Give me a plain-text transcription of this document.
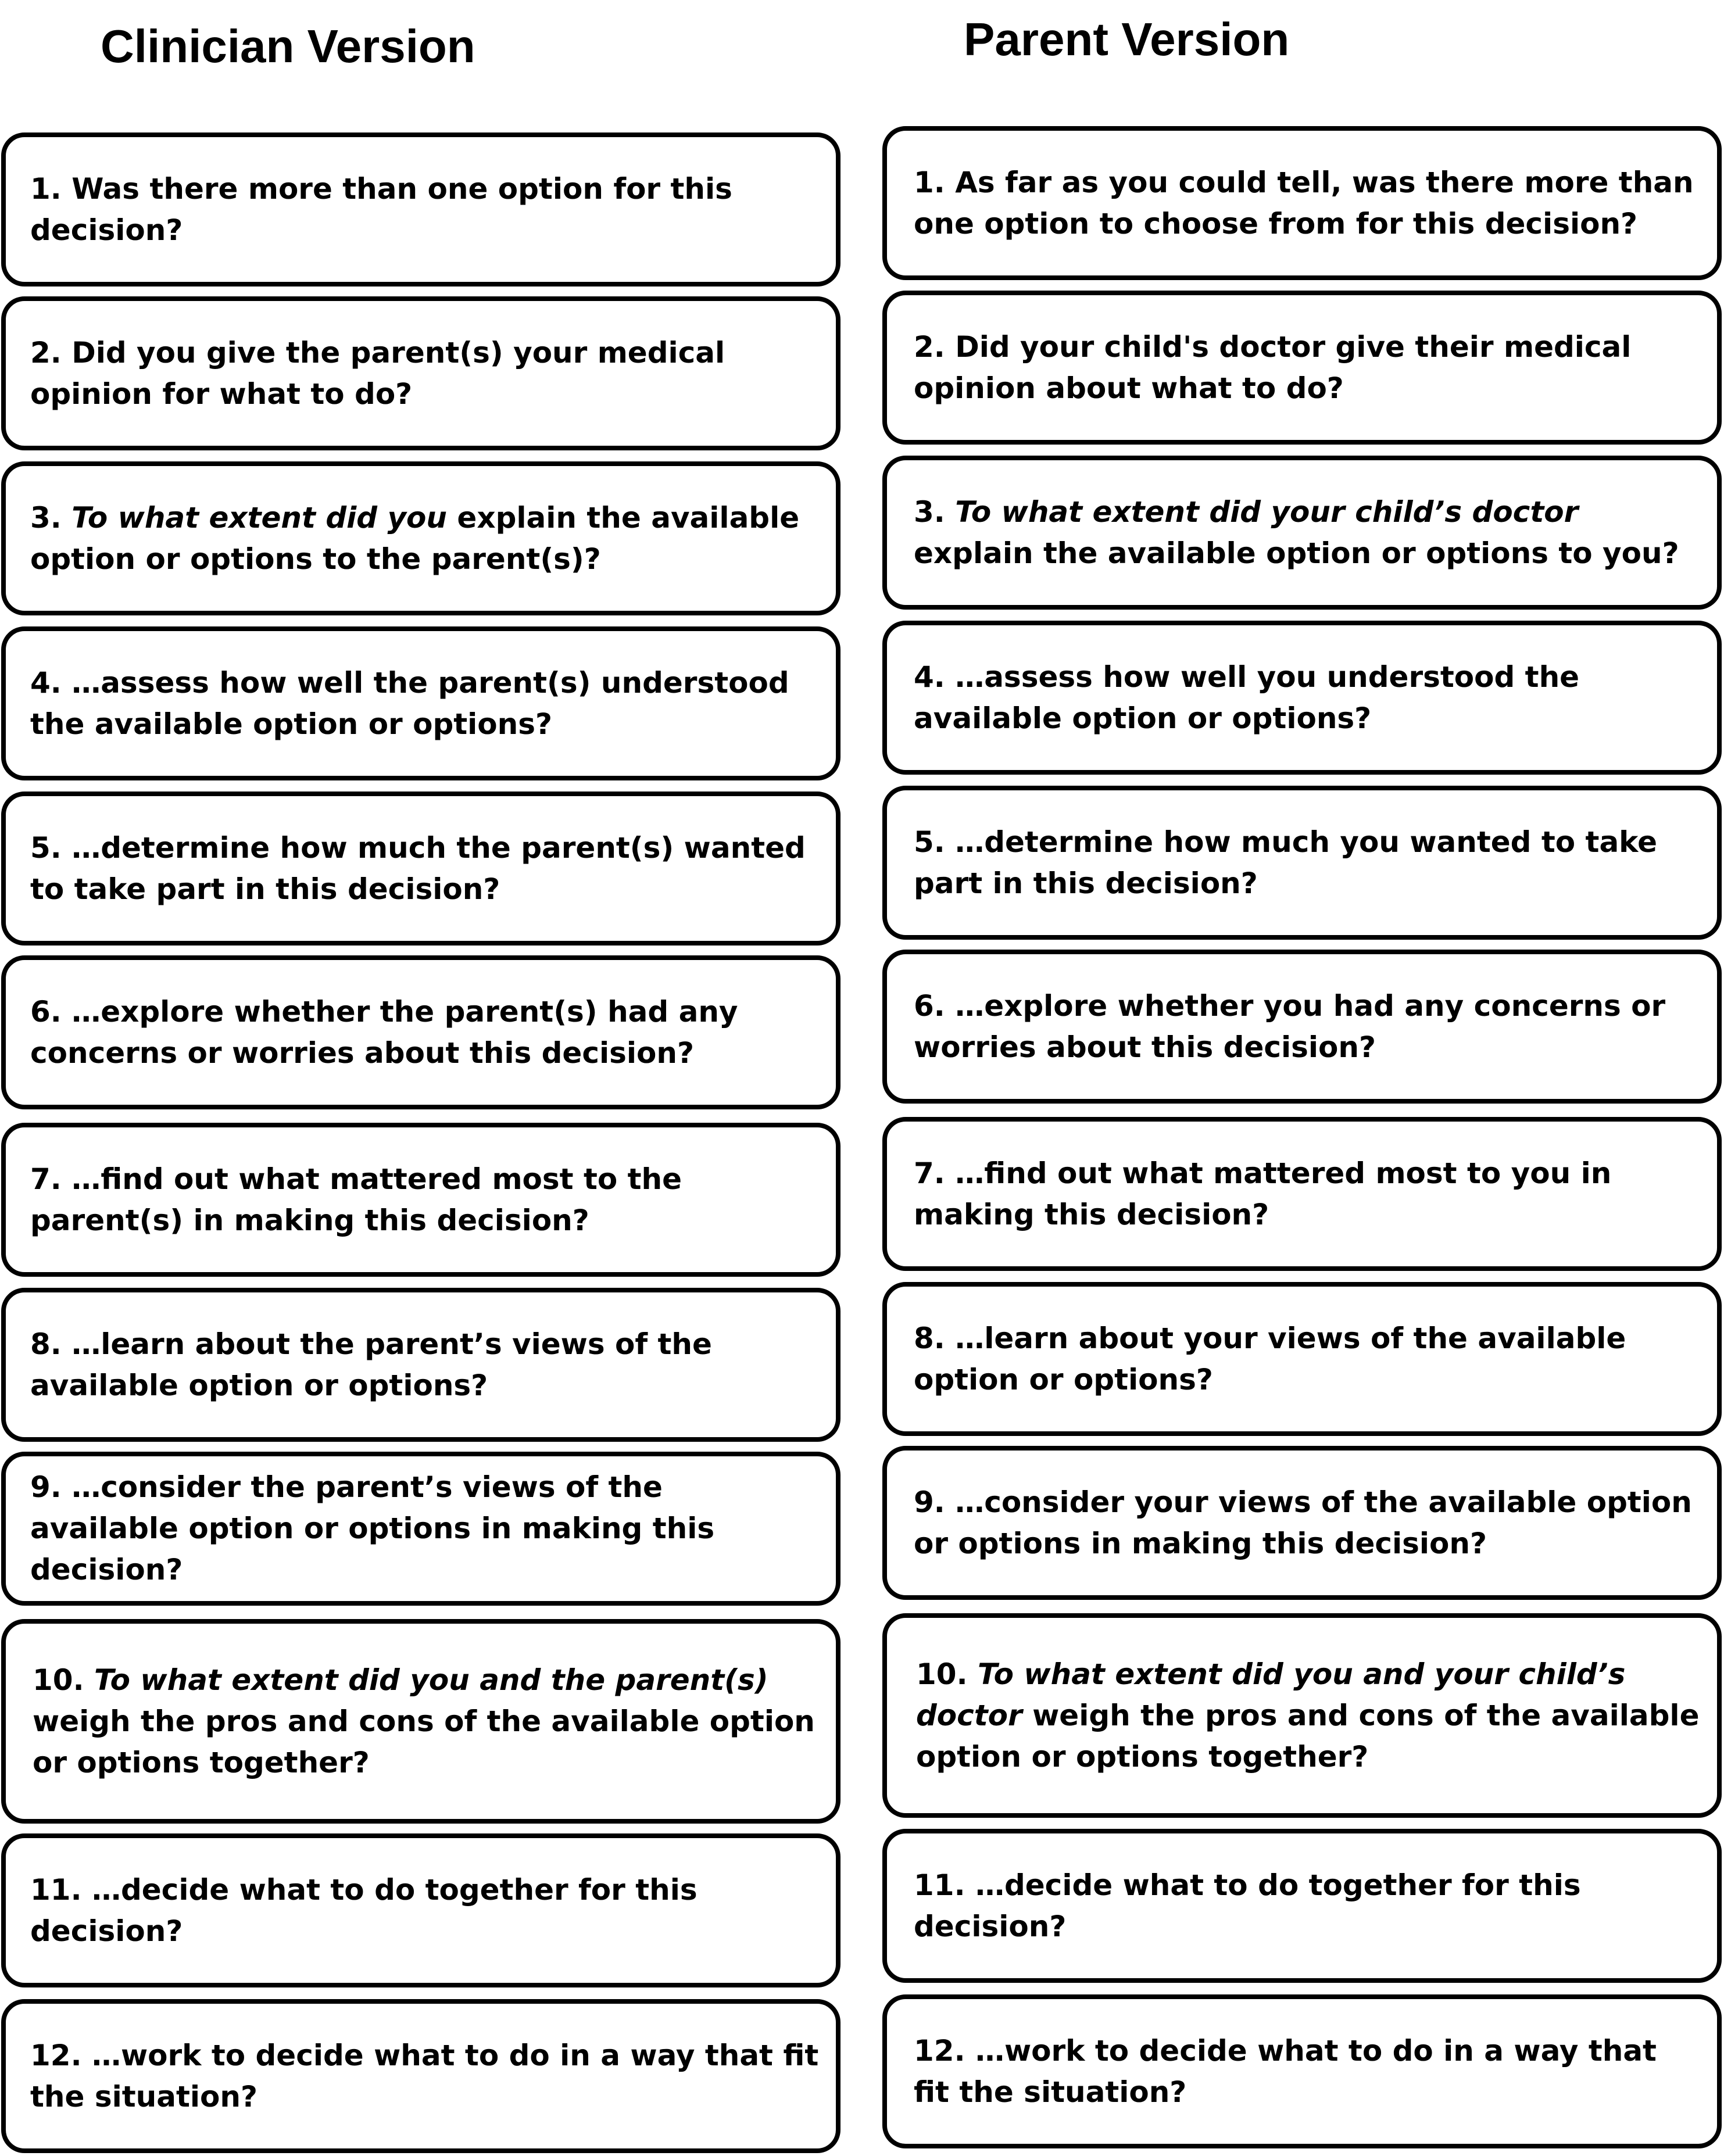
Clinician Version	Parent Version
1. Was there more than one option for this decision?
2. Did you give the parent(s) your medical opinion for what to do?
3. To what extent did you explain the available option or options to the parent(s)?
4. …assess how well the parent(s) understood the available option or options?
5. …determine how much the parent(s) wanted to take part in this decision?
6. …explore whether the parent(s) had any concerns or worries about this decision?
7. …find out what mattered most to the parent(s) in making this decision?
8. …learn about the parent’s views of the available option or options?
9. …consider the parent’s views of the available option or options in making this decision?
10. To what extent did you and the parent(s) weigh the pros and cons of the available option or options together?
11. …decide what to do together for this decision?
12. …work to decide what to do in a way that fit the situation?
1. As far as you could tell, was there more than one option to choose from for this decision?
2. Did your child's doctor give their medical opinion about what to do?
3. To what extent did your child’s doctor explain the available option or options to you?
4. …assess how well you understood the available option or options?
5. …determine how much you wanted to take part in this decision?
6. …explore whether you had any concerns or worries about this decision?
7. …find out what mattered most to you in making this decision?
8. …learn about your views of the available option or options?
9. …consider your views of the available option or options in making this decision?
10. To what extent did you and your child’s doctor weigh the pros and cons of the available option or options together?
11. …decide what to do together for this decision?
12. …work to decide what to do in a way that fit the situation?
